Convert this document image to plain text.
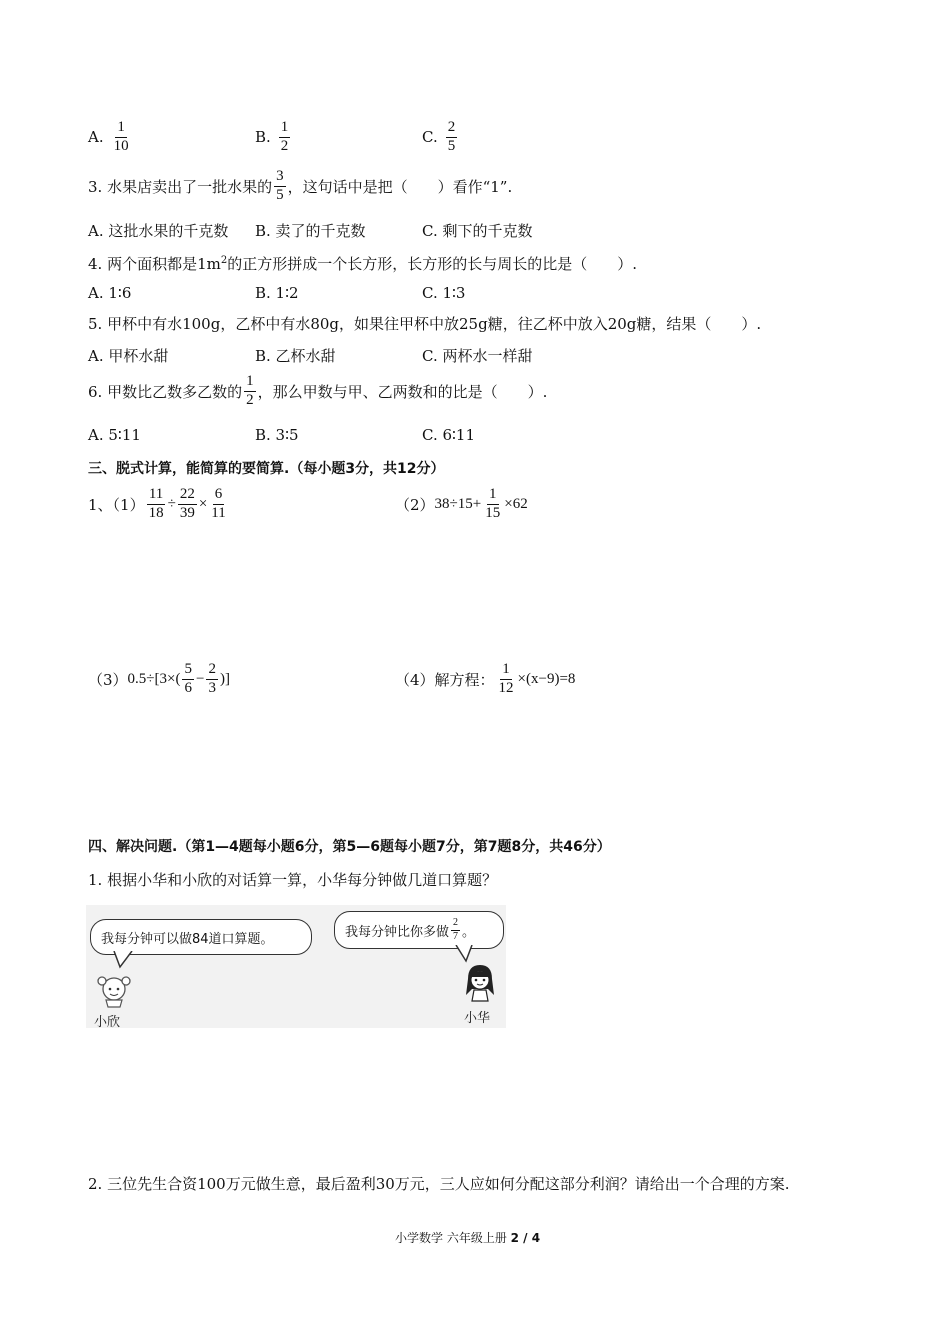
A. $\frac{1}{10}$	B. $\frac{1}{2}$	C. $\frac{2}{5}$
3. 水果店卖出了一批水果的 $\frac{3}{5}$ ，这句话中是把（　　）看作“1”.
A. 这批水果的千克数 B. 卖了的千克数	C. 剩下的千克数
4. 两个面积都是$1m^2$的正方形拼成一个长方形，长方形的长与周长的比是（　　）.
A. 1∶6	B. 1∶2	C. 1∶3
5. 甲杯中有水100g，乙杯中有水80g，如果往甲杯中放25g糖，往乙杯中放入20g糖，结果（　　）.
A. 甲杯水甜	B. 乙杯水甜	C. 两杯水一样甜
6. 甲数比乙数多乙数的 $\frac{1}{2}$ ，那么甲数与甲、乙两数和的比是（　　）.
A. 5∶11	B. 3∶5	C. 6∶11
三、脱式计算，能简算的要简算.（每小题3分，共12分）
1、$(1) \frac{11}{18} \div \frac{22}{39} \times \frac{6}{11}$	（2） $38\div 15+ \frac{1}{15} \times 62$
（3） $0.5\div[3\times( \frac{5}{6} - \frac{2}{3}$ )]	（4）解方程： $\frac{1}{12} \times(x-9)=8$
四、解决问题.（第1—4题每小题6分，第5—6题每小题7分，第7题8分，共46分）
1. 根据小华和小欣的对话算一算，小华每分钟做几道口算题？
我每分钟可以做84道口算题。	我每分钟比你多做 $\frac{2}{7}$ 。
小欣	小华
2. 三位先生合资100万元做生意，最后盈利30万元，三人应如何分配这部分利润？请给出一个合理的方案.
小学数学 六年级上册 2 / 4
